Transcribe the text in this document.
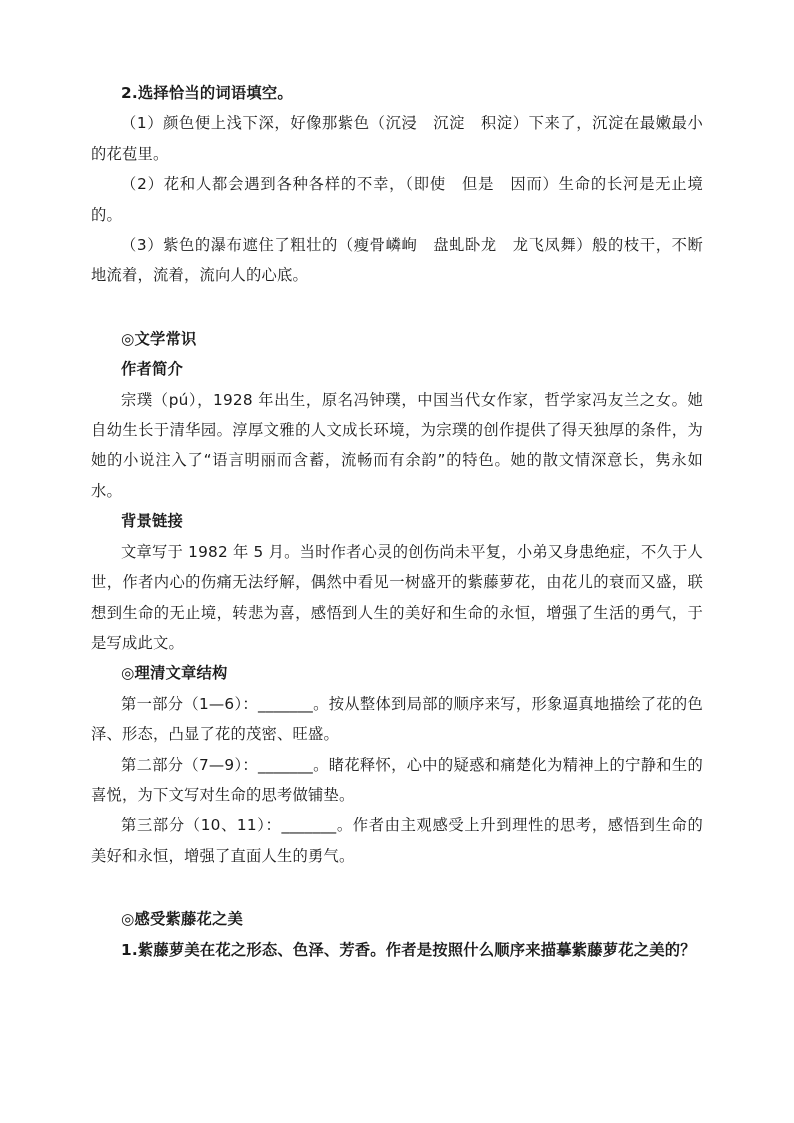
2.选择恰当的词语填空。

（1）颜色便上浅下深，好像那紫色（沉浸　沉淀　积淀）下来了，沉淀在最嫩最小的花苞里。

（2）花和人都会遇到各种各样的不幸，（即使　但是　因而）生命的长河是无止境的。

（3）紫色的瀑布遮住了粗壮的（瘦骨嶙峋　盘虬卧龙　龙飞凤舞）般的枝干，不断地流着，流着，流向人的心底。

◎文学常识

作者简介

宗璞（pú），1928 年出生，原名冯钟璞，中国当代女作家，哲学家冯友兰之女。她自幼生长于清华园。淳厚文雅的人文成长环境，为宗璞的创作提供了得天独厚的条件，为她的小说注入了“语言明丽而含蓄，流畅而有余韵”的特色。她的散文情深意长，隽永如水。

背景链接

文章写于 1982 年 5 月。当时作者心灵的创伤尚未平复，小弟又身患绝症，不久于人世，作者内心的伤痛无法纾解，偶然中看见一树盛开的紫藤萝花，由花儿的衰而又盛，联想到生命的无止境，转悲为喜，感悟到人生的美好和生命的永恒，增强了生活的勇气，于是写成此文。

◎理清文章结构

第一部分（1—6）：_______。按从整体到局部的顺序来写，形象逼真地描绘了花的色泽、形态，凸显了花的茂密、旺盛。

第二部分（7—9）：_______。睹花释怀，心中的疑惑和痛楚化为精神上的宁静和生的喜悦，为下文写对生命的思考做铺垫。

第三部分（10、11）：_______。作者由主观感受上升到理性的思考，感悟到生命的美好和永恒，增强了直面人生的勇气。

◎感受紫藤花之美

1.紫藤萝美在花之形态、色泽、芳香。作者是按照什么顺序来描摹紫藤萝花之美的？
